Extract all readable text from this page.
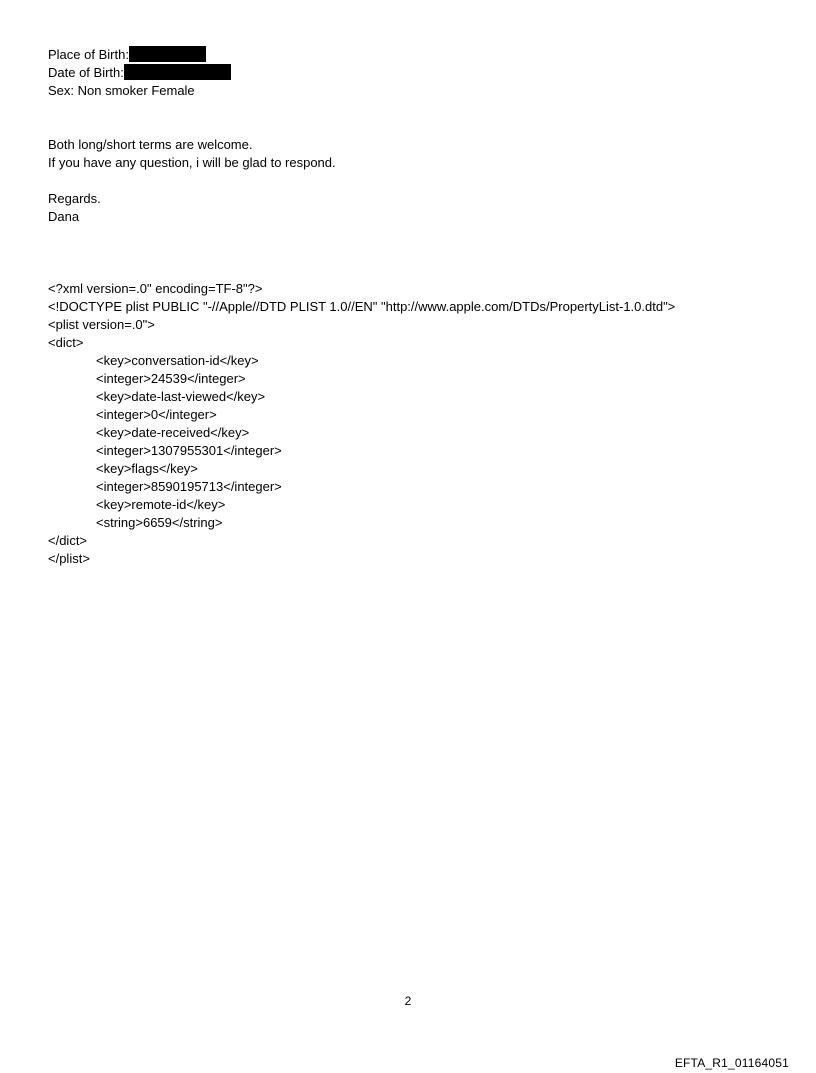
Place of Birth:
Date of Birth:
Sex: Non smoker Female
Both long/short terms are welcome.
If you have any question, i will be glad to respond.
Regards.
Dana
<?xml version=.0" encoding=TF-8"?>
<!DOCTYPE plist PUBLIC "-//Apple//DTD PLIST 1.0//EN" "http://www.apple.com/DTDs/PropertyList-1.0.dtd">
<plist version=.0">
<dict>
<key>conversation-id</key>
<integer>24539</integer>
<key>date-last-viewed</key>
<integer>0</integer>
<key>date-received</key>
<integer>1307955301</integer>
<key>flags</key>
<integer>8590195713</integer>
<key>remote-id</key>
<string>6659</string>
</dict>
</plist>
2
EFTA_R1_01164051
